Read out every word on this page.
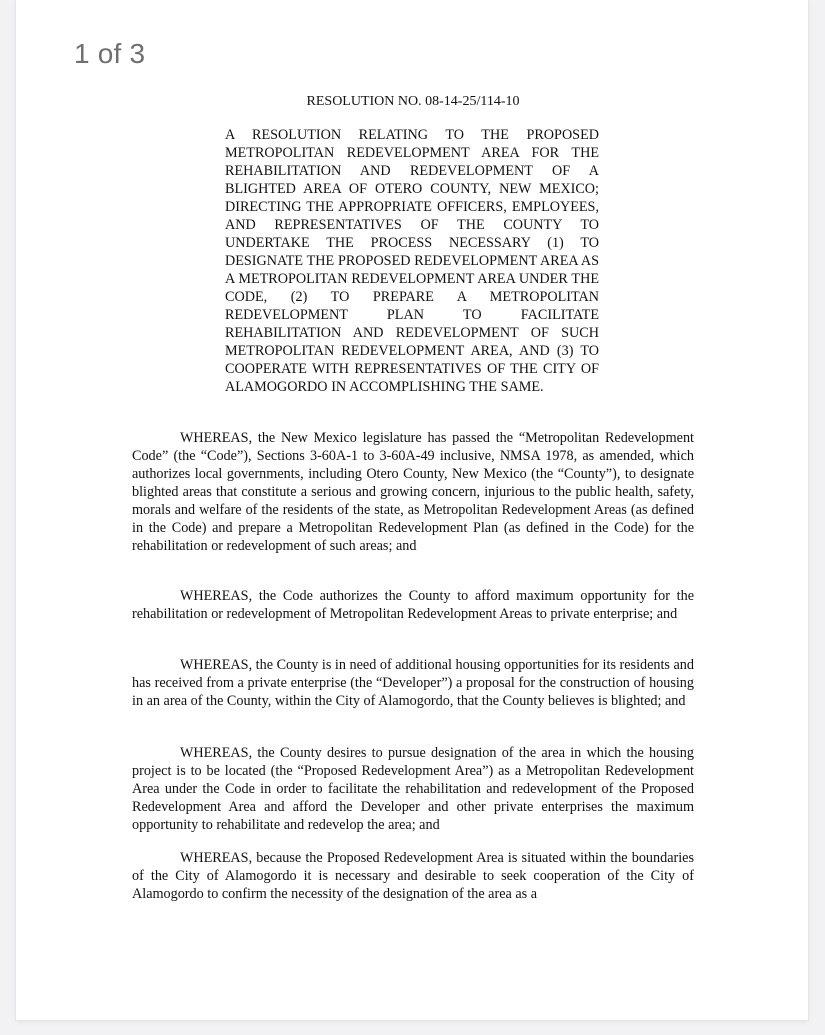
1 of 3
RESOLUTION NO. 08-14-25/114-10

A RESOLUTION RELATING TO THE PROPOSED METROPOLITAN REDEVELOPMENT AREA FOR THE REHABILITATION AND REDEVELOPMENT OF A BLIGHTED AREA OF OTERO COUNTY, NEW MEXICO; DIRECTING THE APPROPRIATE OFFICERS, EMPLOYEES, AND REPRESENTATIVES OF THE COUNTY TO UNDERTAKE THE PROCESS NECESSARY (1) TO DESIGNATE THE PROPOSED REDEVELOPMENT AREA AS A METROPOLITAN REDEVELOPMENT AREA UNDER THE CODE, (2) TO PREPARE A METROPOLITAN REDEVELOPMENT PLAN TO FACILITATE REHABILITATION AND REDEVELOPMENT OF SUCH METROPOLITAN REDEVELOPMENT AREA, AND (3) TO COOPERATE WITH REPRESENTATIVES OF THE CITY OF ALAMOGORDO IN ACCOMPLISHING THE SAME.

WHEREAS, the New Mexico legislature has passed the “Metropolitan Redevelopment Code” (the “Code”), Sections 3-60A-1 to 3-60A-49 inclusive, NMSA 1978, as amended, which authorizes local governments, including Otero County, New Mexico (the “County”), to designate blighted areas that constitute a serious and growing concern, injurious to the public health, safety, morals and welfare of the residents of the state, as Metropolitan Redevelopment Areas (as defined in the Code) and prepare a Metropolitan Redevelopment Plan (as defined in the Code) for the rehabilitation or redevelopment of such areas; and

WHEREAS, the Code authorizes the County to afford maximum opportunity for the rehabilitation or redevelopment of Metropolitan Redevelopment Areas to private enterprise; and

WHEREAS, the County is in need of additional housing opportunities for its residents and has received from a private enterprise (the “Developer”) a proposal for the construction of housing in an area of the County, within the City of Alamogordo, that the County believes is blighted; and

WHEREAS, the County desires to pursue designation of the area in which the housing project is to be located (the “Proposed Redevelopment Area”) as a Metropolitan Redevelopment Area under the Code in order to facilitate the rehabilitation and redevelopment of the Proposed Redevelopment Area and afford the Developer and other private enterprises the maximum opportunity to rehabilitate and redevelop the area; and

WHEREAS, because the Proposed Redevelopment Area is situated within the boundaries of the City of Alamogordo it is necessary and desirable to seek cooperation of the City of Alamogordo to confirm the necessity of the designation of the area as a
